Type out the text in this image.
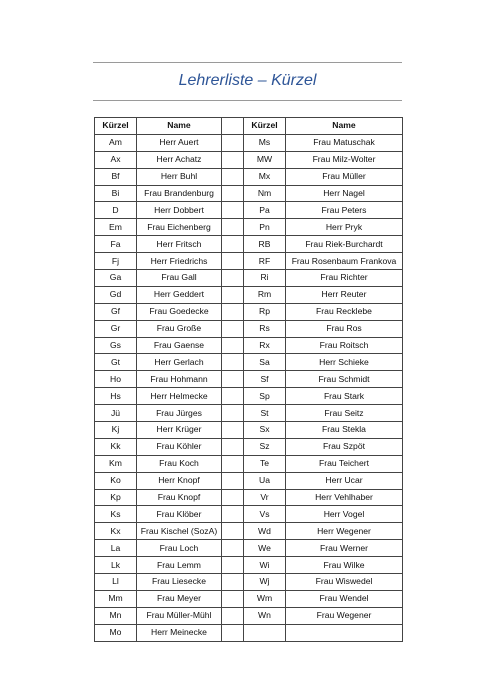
Lehrerliste – Kürzel
Kürzel	Name		Kürzel	Name
Am	Herr Auert		Ms	Frau Matuschak
Ax	Herr Achatz		MW	Frau Milz-Wolter
Bf	Herr Buhl		Mx	Frau Müller
Bi	Frau Brandenburg		Nm	Herr Nagel
D	Herr Dobbert		Pa	Frau Peters
Em	Frau Eichenberg		Pn	Herr Pryk
Fa	Herr Fritsch		RB	Frau Riek-Burchardt
Fj	Herr Friedrichs		RF	Frau Rosenbaum Frankova
Ga	Frau Gall		Ri	Frau Richter
Gd	Herr Geddert		Rm	Herr Reuter
Gf	Frau Goedecke		Rp	Frau Recklebe
Gr	Frau Große		Rs	Frau Ros
Gs	Frau Gaense		Rx	Frau Roitsch
Gt	Herr Gerlach		Sa	Herr Schieke
Ho	Frau Hohmann		Sf	Frau Schmidt
Hs	Herr Helmecke		Sp	Frau Stark
Jü	Frau Jürges		St	Frau Seitz
Kj	Herr Krüger		Sx	Frau Stekla
Kk	Frau Köhler		Sz	Frau Szpöt
Km	Frau Koch		Te	Frau Teichert
Ko	Herr Knopf		Ua	Herr Ucar
Kp	Frau Knopf		Vr	Herr Vehlhaber
Ks	Frau Klöber		Vs	Herr Vogel
Kx	Frau Kischel (SozA)		Wd	Herr Wegener
La	Frau Loch		We	Frau Werner
Lk	Frau Lemm		Wi	Frau Wilke
Ll	Frau Liesecke		Wj	Frau Wiswedel
Mm	Frau Meyer		Wm	Frau Wendel
Mn	Frau Müller-Mühl		Wn	Frau Wegener
Mo	Herr Meinecke			
